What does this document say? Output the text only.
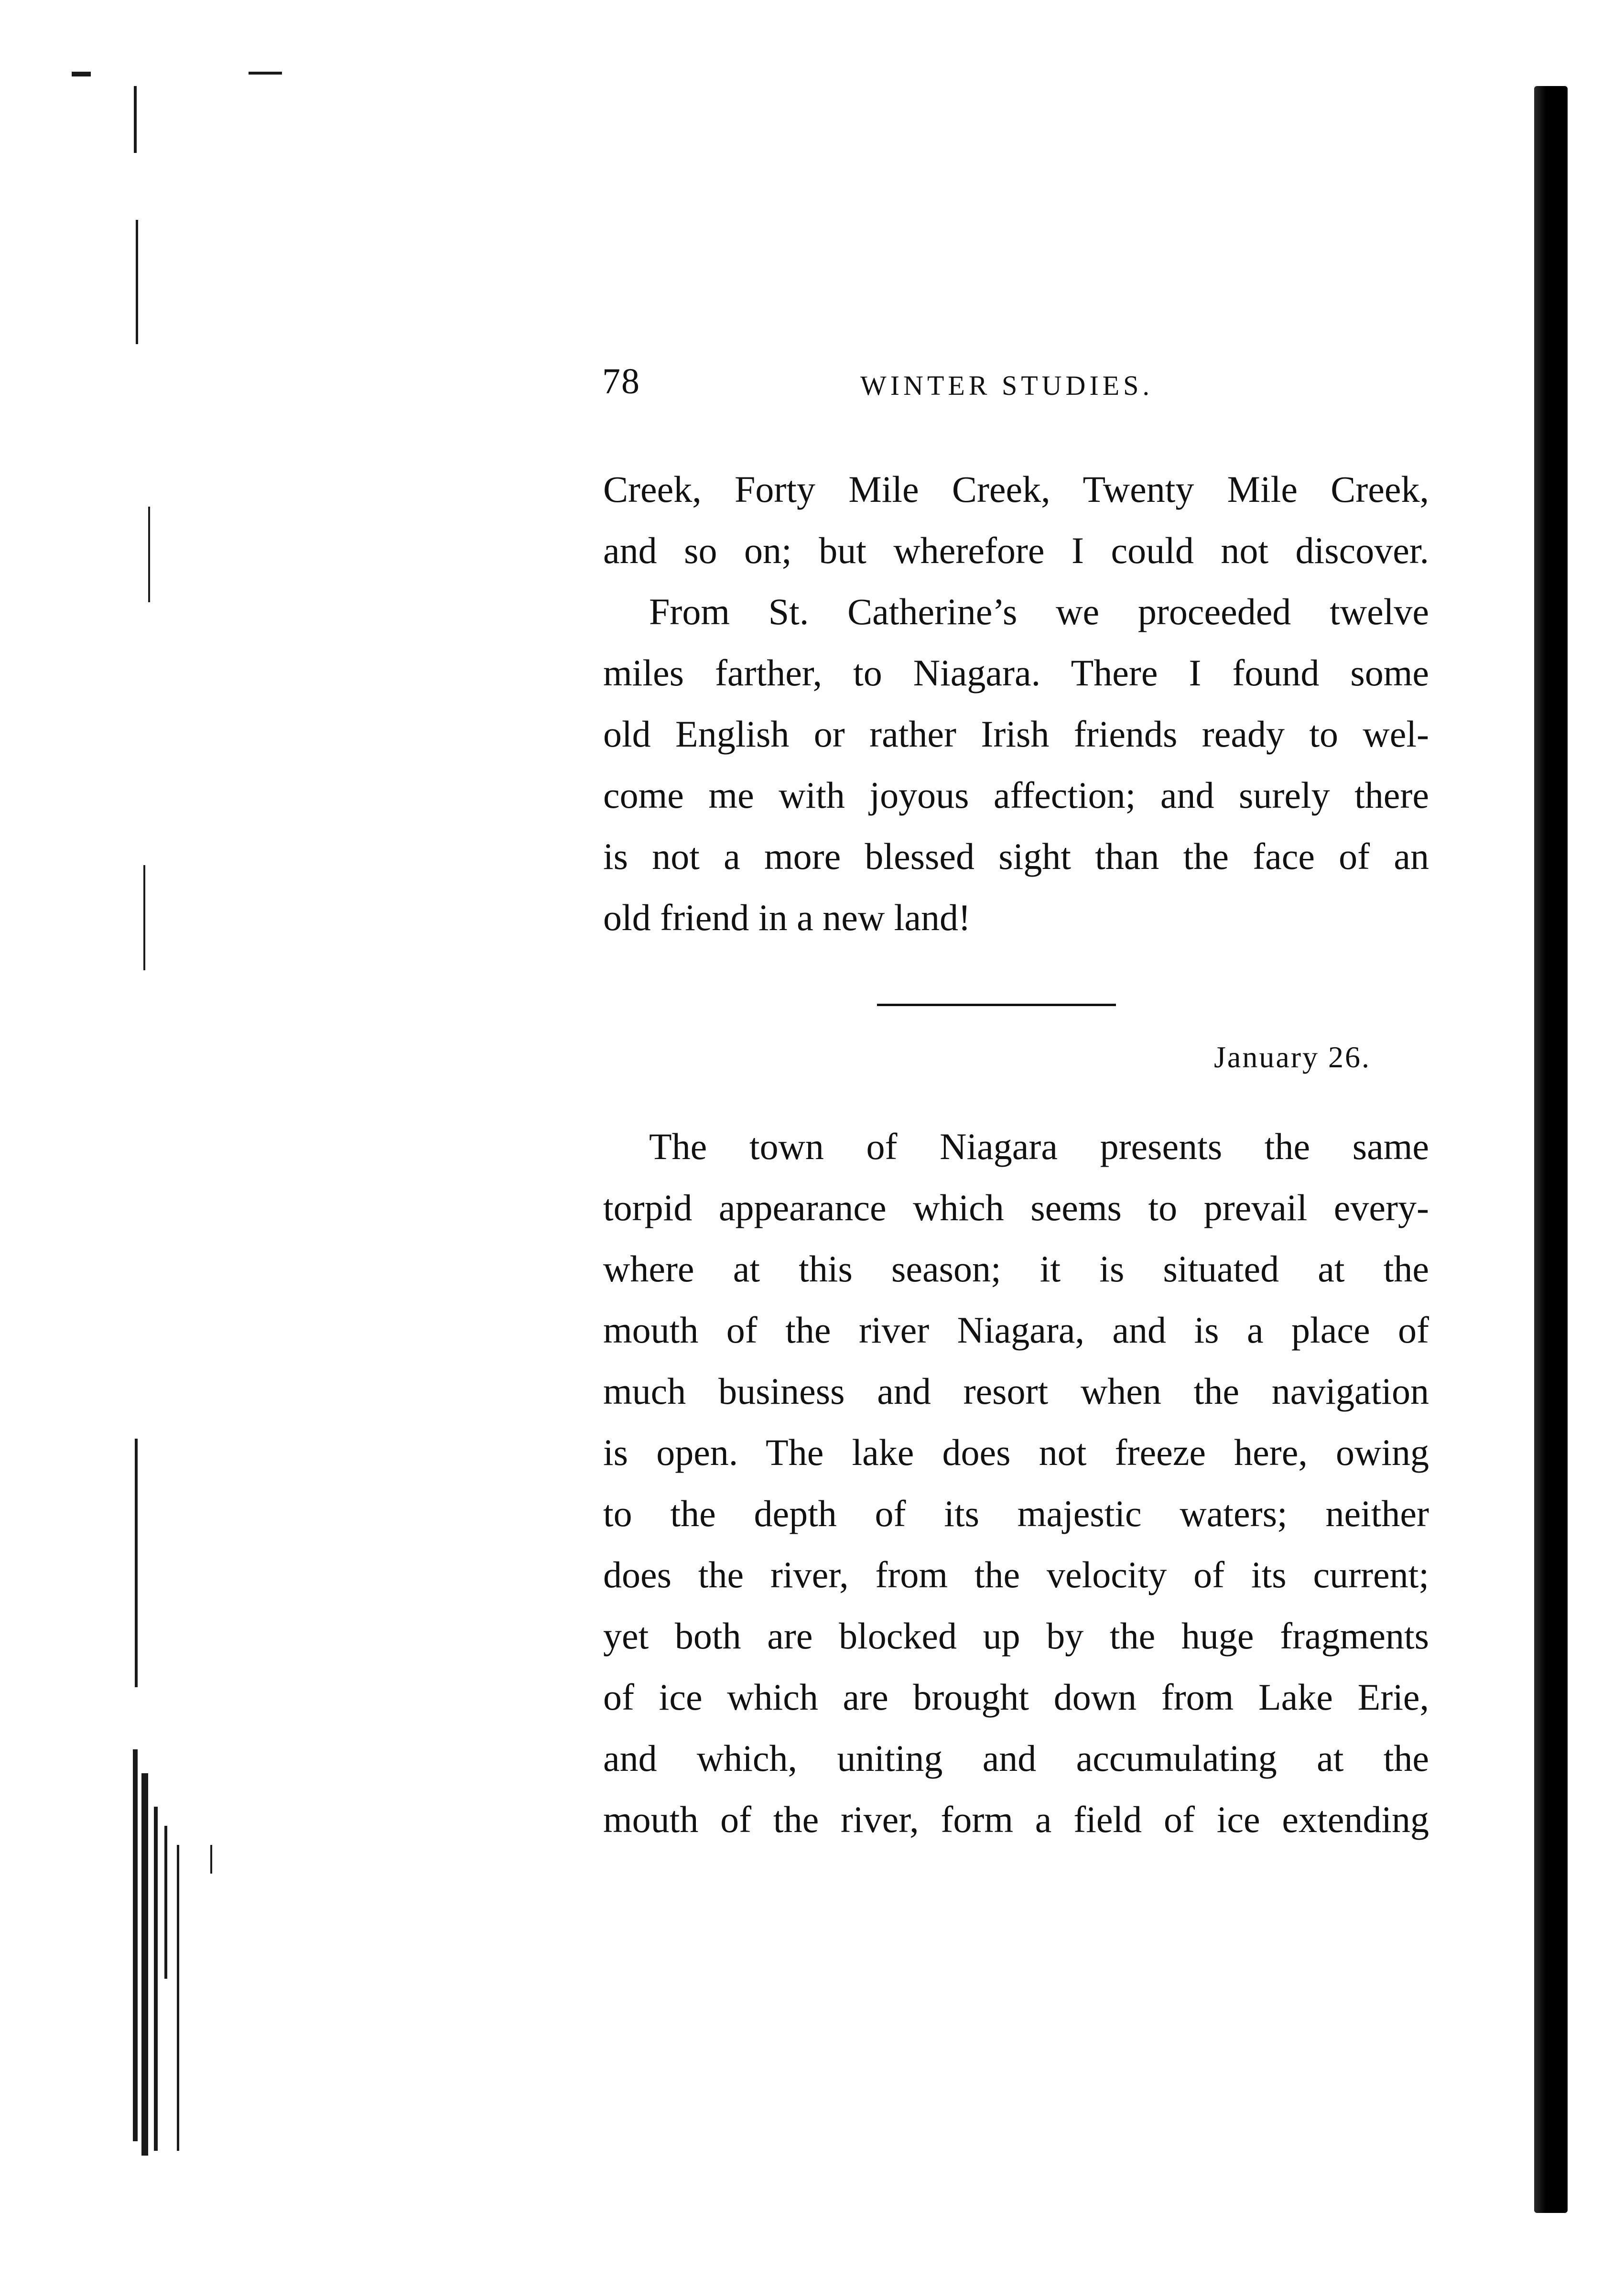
78	WINTER STUDIES.
Creek, Forty Mile Creek, Twenty Mile Creek,
and so on; but wherefore I could not discover.
From St. Catherine’s we proceeded twelve
miles farther, to Niagara. There I found some
old English or rather Irish friends ready to wel-
come me with joyous affection; and surely there
is not a more blessed sight than the face of an
old friend in a new land!
January 26.
The town of Niagara presents the same
torpid appearance which seems to prevail every-
where at this season; it is situated at the
mouth of the river Niagara, and is a place of
much business and resort when the navigation
is open. The lake does not freeze here, owing
to the depth of its majestic waters; neither
does the river, from the velocity of its current;
yet both are blocked up by the huge fragments
of ice which are brought down from Lake Erie,
and which, uniting and accumulating at the
mouth of the river, form a field of ice extending
